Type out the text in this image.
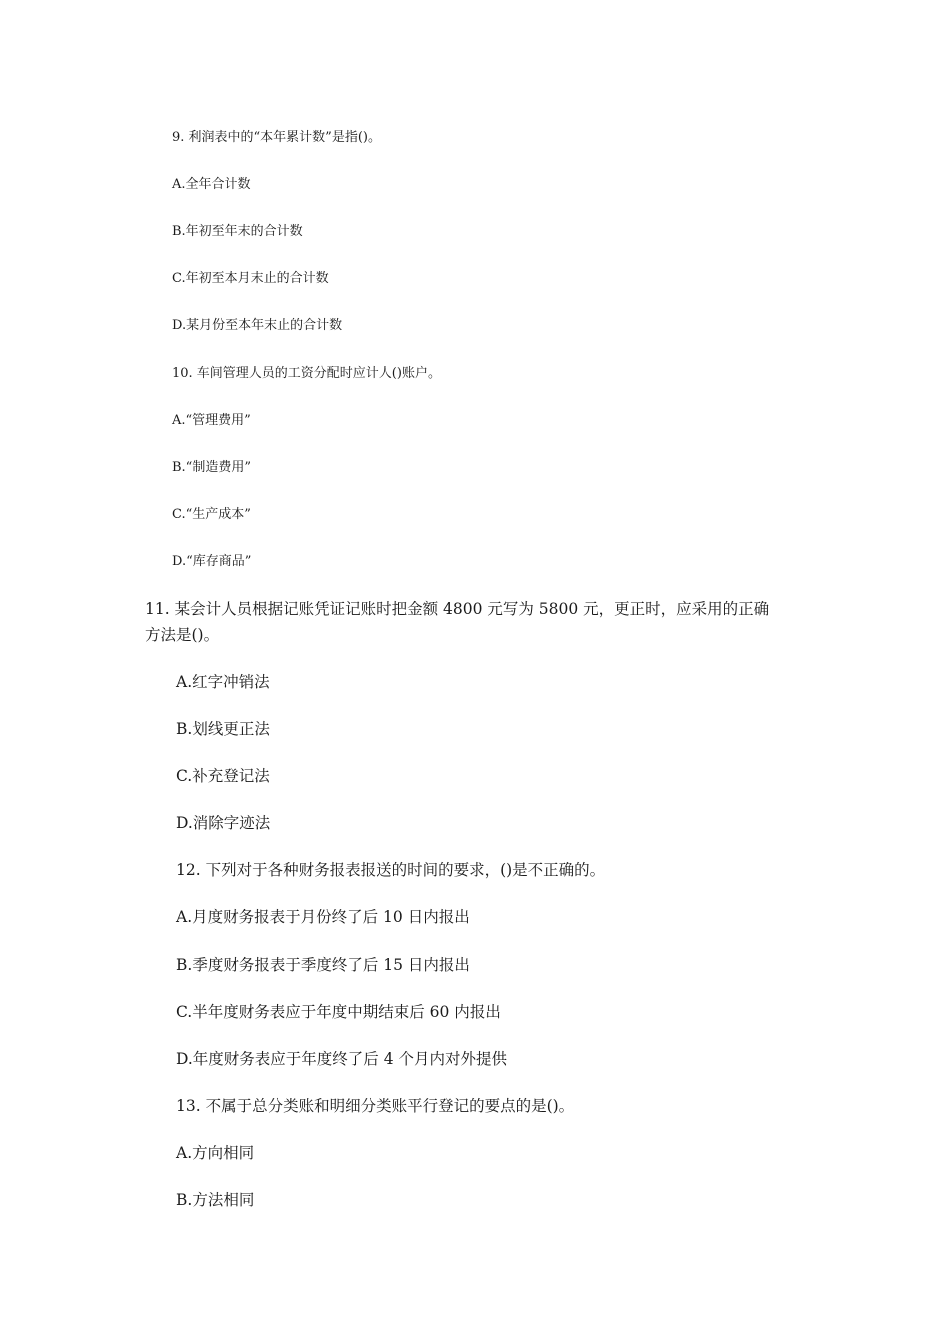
9. 利润表中的“本年累计数”是指()。
A.全年合计数
B.年初至年末的合计数
C.年初至本月末止的合计数
D.某月份至本年末止的合计数
10. 车间管理人员的工资分配时应计人()账户。
A.“管理费用”
B.“制造费用”
C.“生产成本”
D.“库存商品”
11. 某会计人员根据记账凭证记账时把金额 4800 元写为 5800 元，更正时，应采用的正确
方法是()。
A.红字冲销法
B.划线更正法
C.补充登记法
D.消除字迹法
12. 下列对于各种财务报表报送的时间的要求，()是不正确的。
A.月度财务报表于月份终了后 10 日内报出
B.季度财务报表于季度终了后 15 日内报出
C.半年度财务表应于年度中期结束后 60 内报出
D.年度财务表应于年度终了后 4 个月内对外提供
13. 不属于总分类账和明细分类账平行登记的要点的是()。
A.方向相同
B.方法相同
